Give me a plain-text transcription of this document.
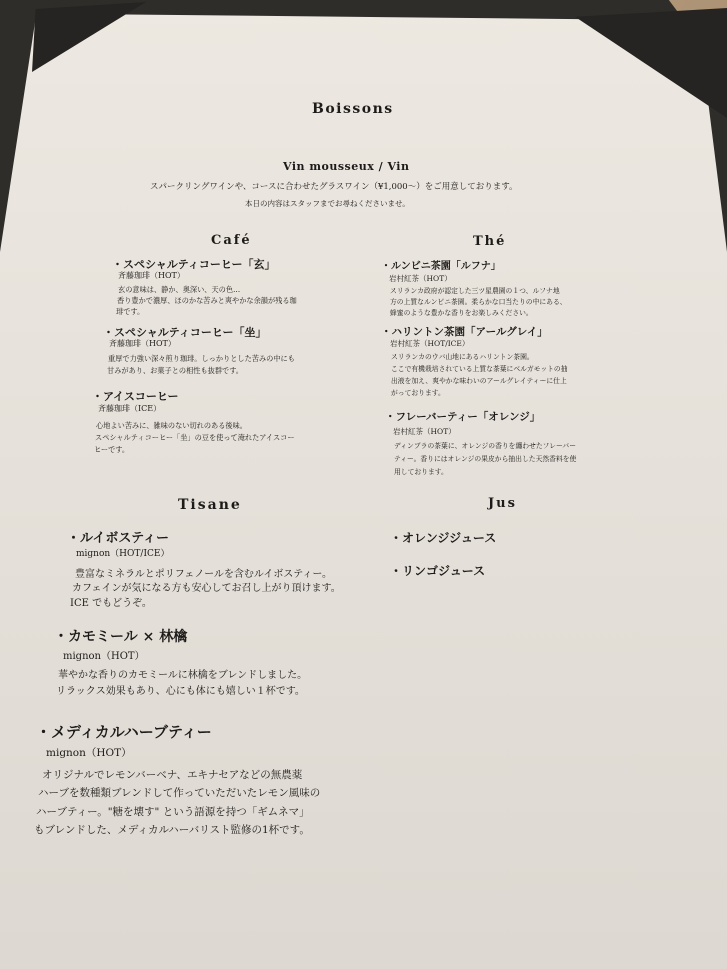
Boissons
Vin mousseux / Vin
スパークリングワインや、コースに合わせたグラスワイン（¥1,000〜）をご用意しております。
本日の内容はスタッフまでお尋ねくださいませ。
Café
・スペシャルティコーヒー「玄」
斉藤珈琲（HOT）
玄の意味は、静か、奥深い、天の色…
香り豊かで濃厚、ほのかな苦みと爽やかな余韻が残る珈
琲です。
・スペシャルティコーヒー「坐」
斉藤珈琲（HOT）
重厚で力強い深々煎り珈琲。しっかりとした苦みの中にも
甘みがあり、お菓子との相性も抜群です。
・アイスコーヒー
斉藤珈琲（ICE）
心地よい苦みに、雑味のない切れのある後味。
スペシャルティコーヒー「坐」の豆を使って淹れたアイスコー
ヒーです。
Thé
・ルンビニ茶園「ルフナ」
岩村紅茶（HOT）
スリランカ政府が認定した三ツ星農園の１つ、ルフナ地
方の上質なルンビニ茶園。柔らかな口当たりの中にある、
蜂蜜のような豊かな香りをお楽しみください。
・ハリントン茶園「アールグレイ」
岩村紅茶（HOT/ICE）
スリランカのウバ山地にあるハリントン茶園。
ここで有機栽培されている上質な茶葉にベルガモットの抽
出液を加え、爽やかな味わいのアールグレイティーに仕上
がっております。
・フレーバーティー「オレンジ」
岩村紅茶（HOT）
ディンブラの茶葉に、オレンジの香りを纏わせたフレーバー
ティー。香りにはオレンジの果皮から抽出した天然香料を使
用しております。
Tisane
・ルイボスティー
mignon（HOT/ICE）
豊富なミネラルとポリフェノールを含むルイボスティー。
カフェインが気になる方も安心してお召し上がり頂けます。
ICE でもどうぞ。
・カモミール × 林檎
mignon（HOT）
華やかな香りのカモミールに林檎をブレンドしました。
リラックス効果もあり、心にも体にも嬉しい１杯です。
・メディカルハーブティー
mignon（HOT）
オリジナルでレモンバーベナ、エキナセアなどの無農薬
ハーブを数種類ブレンドして作っていただいたレモン風味の
ハーブティー。"糖を壊す" という語源を持つ「ギムネマ」
もブレンドした、メディカルハーバリスト監修の1杯です。
Jus
・オレンジジュース
・リンゴジュース
